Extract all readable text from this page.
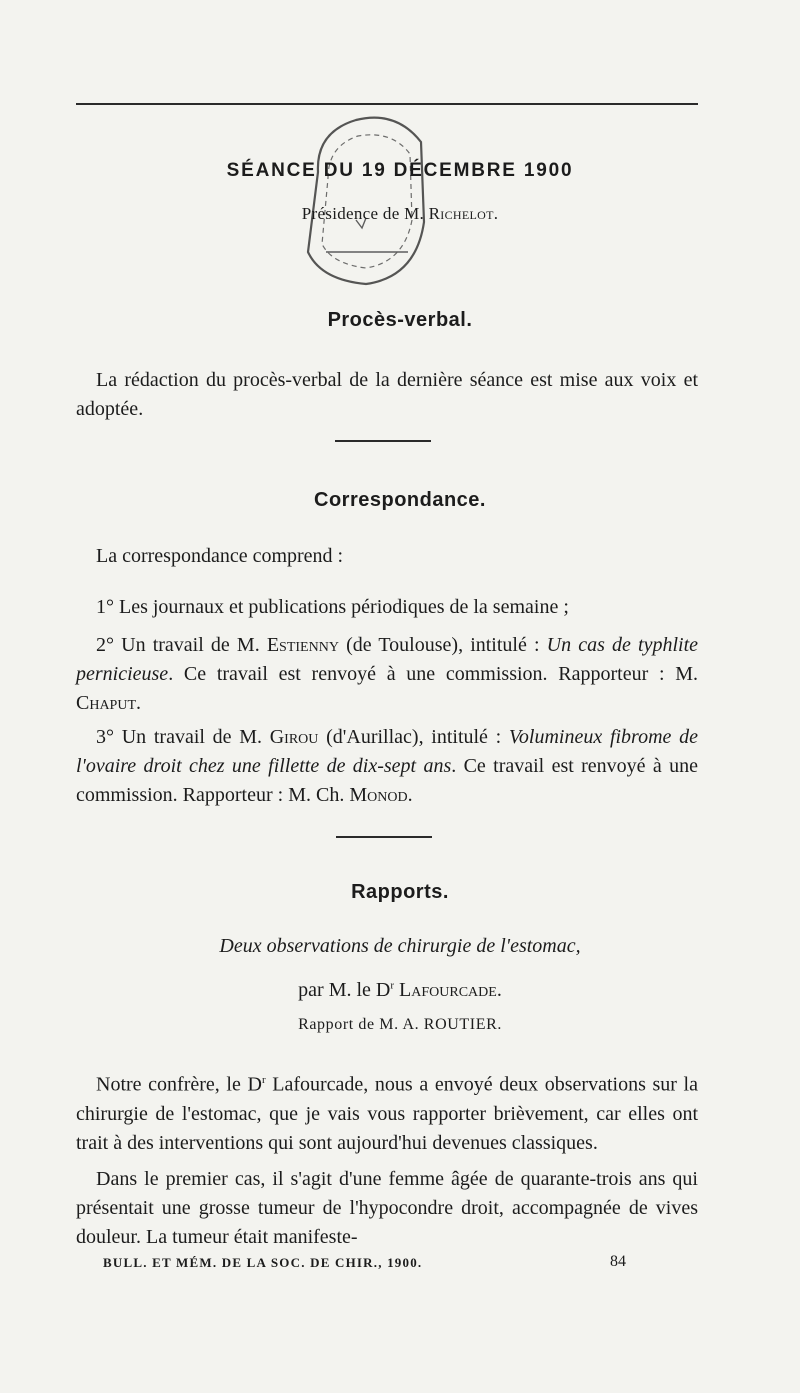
SÉANCE DU 19 DÉCEMBRE 1900
Présidence de M. Richelot.
Procès-verbal.
La rédaction du procès-verbal de la dernière séance est mise aux voix et adoptée.
Correspondance.
La correspondance comprend :
1° Les journaux et publications périodiques de la semaine ;
2° Un travail de M. Estienny (de Toulouse), intitulé : Un cas de typhlite pernicieuse. Ce travail est renvoyé à une commission. Rapporteur : M. Chaput.
3° Un travail de M. Girou (d'Aurillac), intitulé : Volumineux fibrome de l'ovaire droit chez une fillette de dix-sept ans. Ce travail est renvoyé à une commission. Rapporteur : M. Ch. Monod.
Rapports.
Deux observations de chirurgie de l'estomac,
par M. le $D^r$ Lafourcade.
Rapport de M. A. ROUTIER.
Notre confrère, le $D^r$ Lafourcade, nous a envoyé deux observations sur la chirurgie de l'estomac, que je vais vous rapporter brièvement, car elles ont trait à des interventions qui sont aujourd'hui devenues classiques.
Dans le premier cas, il s'agit d'une femme âgée de quarante-trois ans qui présentait une grosse tumeur de l'hypocondre droit, accompagnée de vives douleur. La tumeur était manifeste-
BULL. ET MÉM. DE LA SOC. DE CHIR., 1900.	84
